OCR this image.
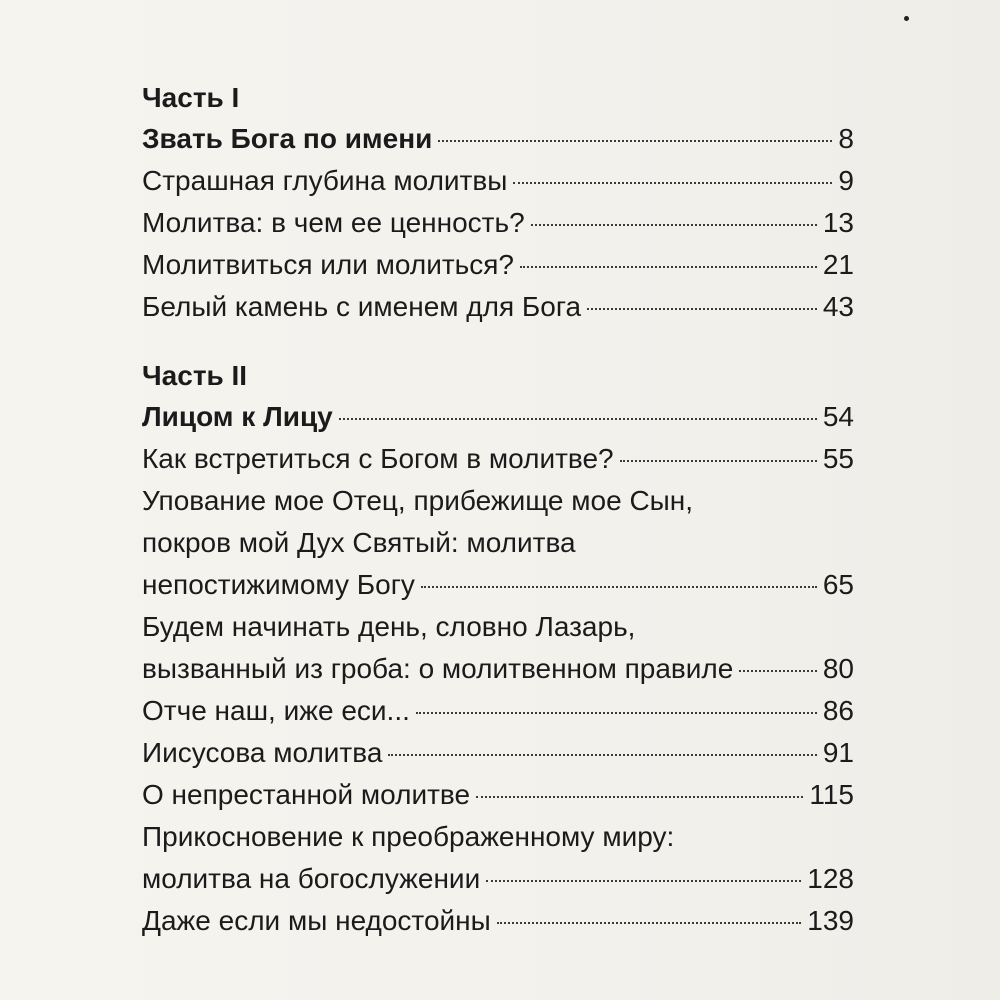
Часть I
Звать Бога по имени	8
Страшная глубина молитвы	9
Молитва: в чем ее ценность?	13
Молитвиться или молиться?	21
Белый камень с именем для Бога	43
Часть II
Лицом к Лицу	54
Как встретиться с Богом в молитве?	55
Упование мое Отец, прибежище мое Сын,
покров мой Дух Святый: молитва
непостижимому Богу	65
Будем начинать день, словно Лазарь,
вызванный из гроба: о молитвенном правиле	80
Отче наш, иже еси...	86
Иисусова молитва	91
О непрестанной молитве	115
Прикосновение к преображенному миру:
молитва на богослужении	128
Даже если мы недостойны	139
